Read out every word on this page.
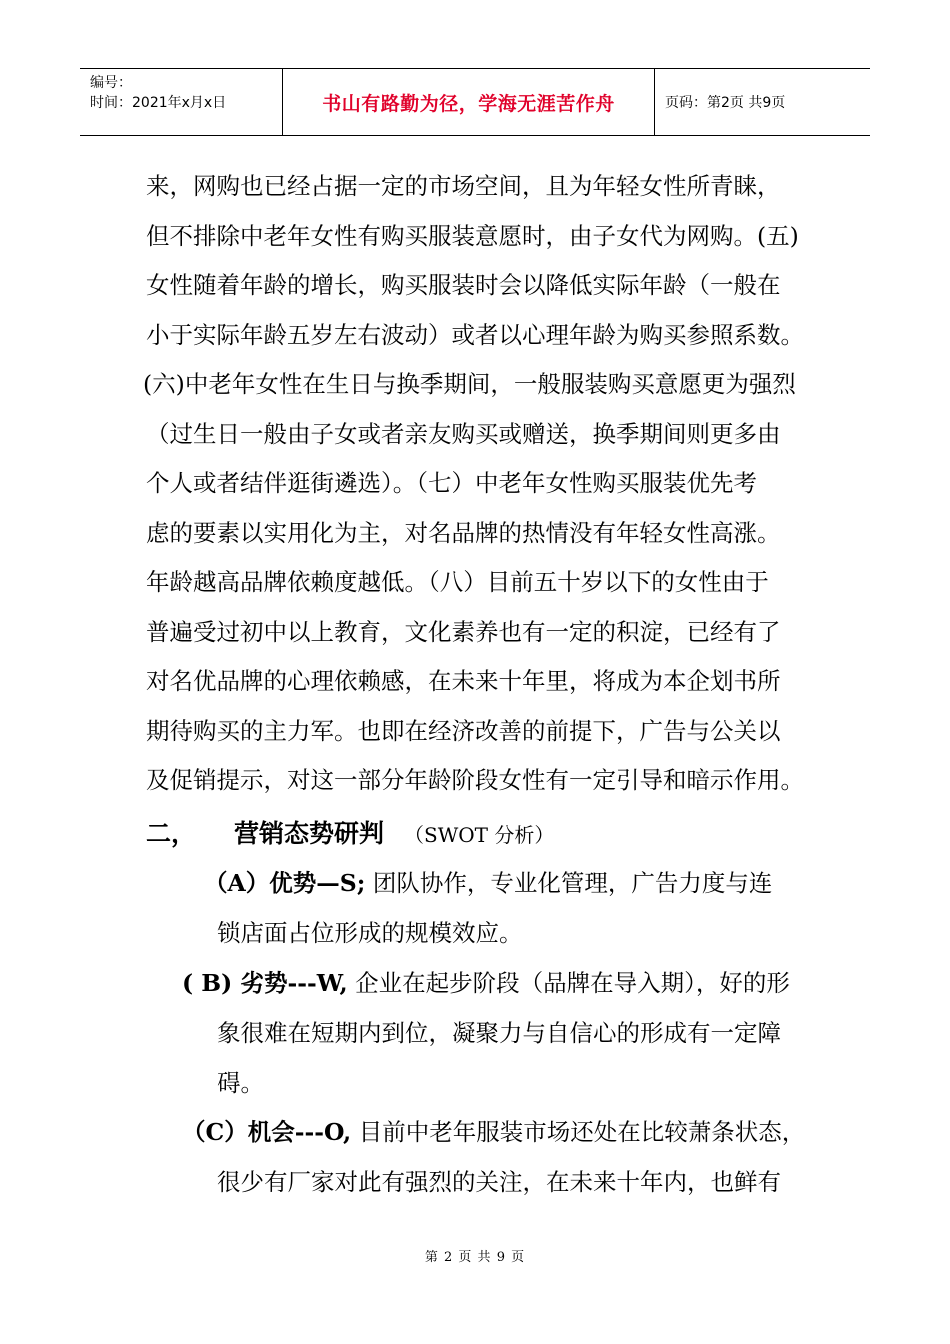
编号：
时间：2021年x月x日	书山有路勤为径，学海无涯苦作舟	页码：第2页 共9页
来，网购也已经占据一定的市场空间，且为年轻女性所青睐，
但不排除中老年女性有购买服装意愿时，由子女代为网购。(五)
女性随着年龄的增长，购买服装时会以降低实际年龄（一般在
小于实际年龄五岁左右波动）或者以心理年龄为购买参照系数。
(六)中老年女性在生日与换季期间，一般服装购买意愿更为强烈
（过生日一般由子女或者亲友购买或赠送，换季期间则更多由
个人或者结伴逛街遴选）。（七）中老年女性购买服装优先考
虑的要素以实用化为主，对名品牌的热情没有年轻女性高涨。
年龄越高品牌依赖度越低。（八）目前五十岁以下的女性由于
普遍受过初中以上教育，文化素养也有一定的积淀，已经有了
对名优品牌的心理依赖感，在未来十年里，将成为本企划书所
期待购买的主力军。也即在经济改善的前提下，广告与公关以
及促销提示，对这一部分年龄阶段女性有一定引导和暗示作用。
二， 营销态势研判 （SWOT 分析）
（A）优势—S; 团队协作，专业化管理，广告力度与连
锁店面占位形成的规模效应。
( B) 劣势---W, 企业在起步阶段（品牌在导入期），好的形
象很难在短期内到位，凝聚力与自信心的形成有一定障
碍。
（C）机会---O, 目前中老年服装市场还处在比较萧条状态，
很少有厂家对此有强烈的关注，在未来十年内，也鲜有
第 2 页 共 9 页
